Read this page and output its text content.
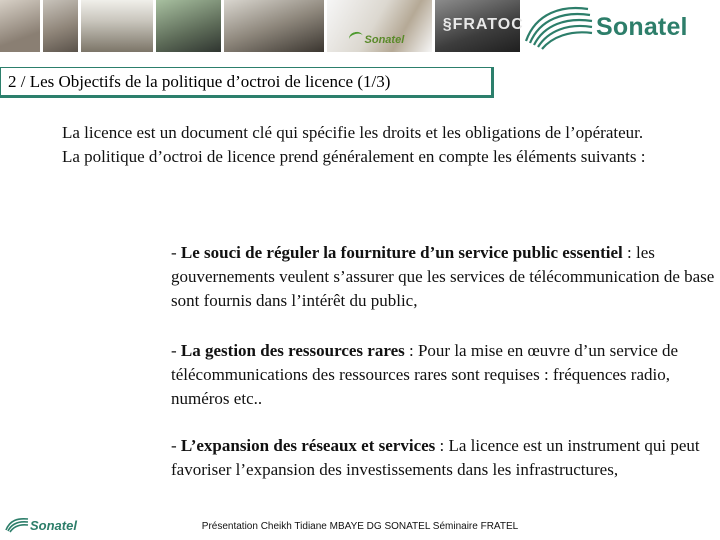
Sonatel
§FRATOC	Sonatel
2 / Les Objectifs de la politique d’octroi de licence (1/3)

La licence est un document clé qui spécifie les droits et les obligations de l’opérateur.

La politique d’octroi de licence prend généralement en compte les éléments suivants :

- Le souci de réguler la fourniture d’un service public essentiel : les gouvernements veulent s’assurer que les services de télécommunication de base sont fournis dans l’intérêt du public,
- La gestion des ressources rares : Pour la mise en œuvre d’un service de télécommunications des ressources rares sont requises : fréquences radio, numéros etc..
- L’expansion des réseaux et services : La licence est un instrument qui peut favoriser l’expansion des investissements dans les infrastructures,
Sonatel	Présentation Cheikh Tidiane MBAYE DG SONATEL Séminaire FRATEL
